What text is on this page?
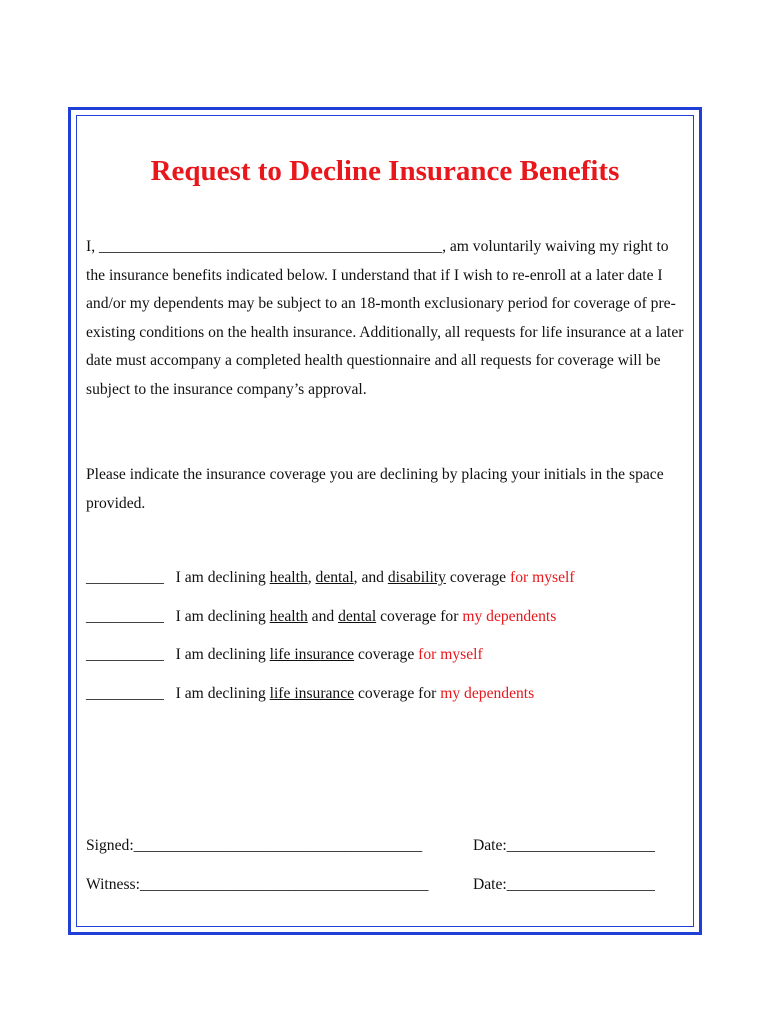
Request to Decline Insurance Benefits

I, ____________________________________________, am voluntarily waiving my right to the insurance benefits indicated below. I understand that if I wish to re-enroll at a later date I and/or my dependents may be subject to an 18-month exclusionary period for coverage of pre-existing conditions on the health insurance. Additionally, all requests for life insurance at a later date must accompany a completed health questionnaire and all requests for coverage will be subject to the insurance company’s approval.

Please indicate the insurance coverage you are declining by placing your initials in the space provided.

__________ I am declining health, dental, and disability coverage for myself
__________ I am declining health and dental coverage for my dependents
__________ I am declining life insurance coverage for myself
__________ I am declining life insurance coverage for my dependents
Signed:_____________________________________	Date:___________________
Witness:_____________________________________	Date:___________________
